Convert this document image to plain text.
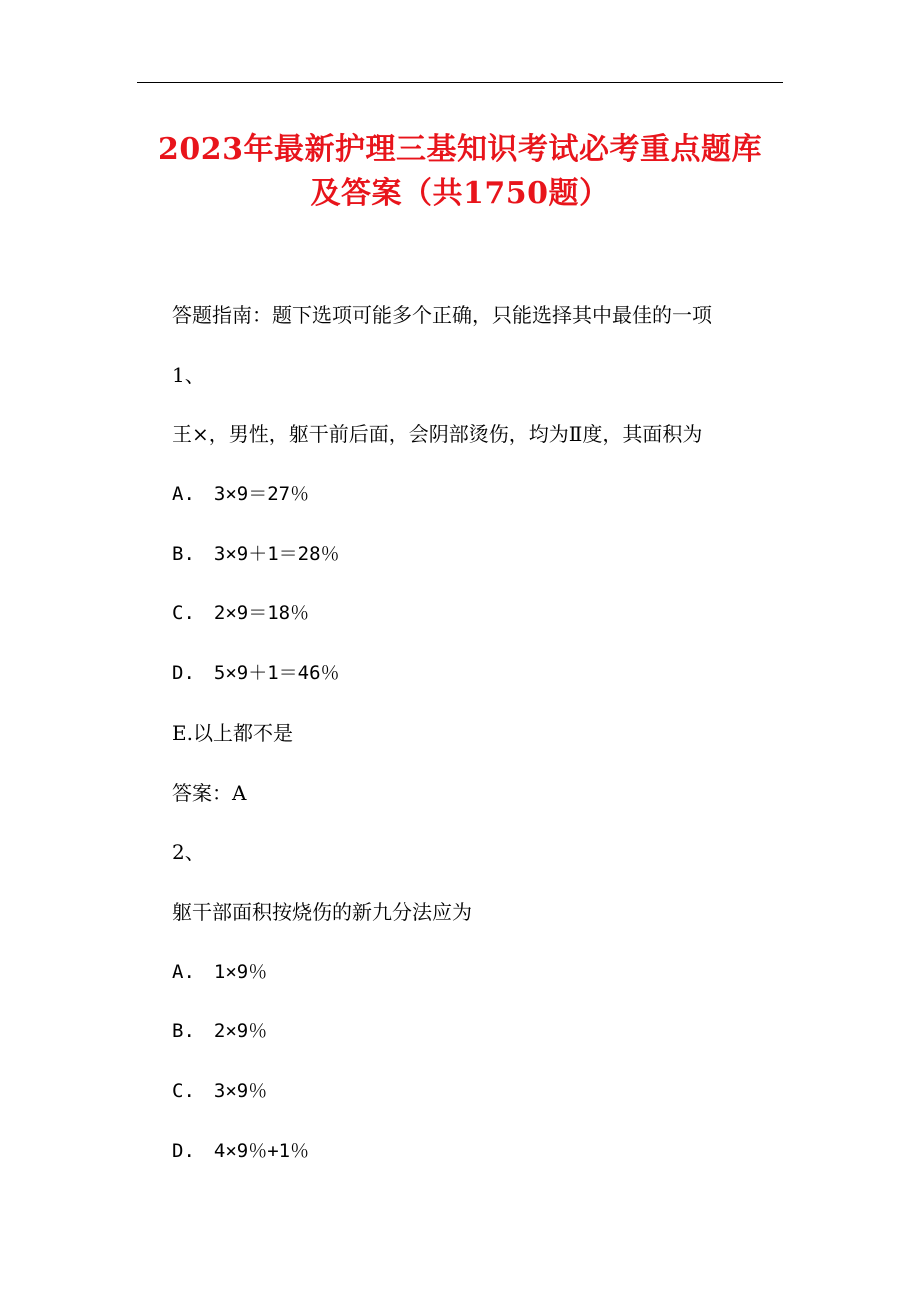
2023年最新护理三基知识考试必考重点题库
及答案（共1750题）
答题指南：题下选项可能多个正确，只能选择其中最佳的一项
1、
王×，男性，躯干前后面，会阴部烫伤，均为Ⅱ度，其面积为
A.　3×9＝27％
B.　3×9＋1＝28％
C.　2×9＝18％
D.　5×9＋1＝46％
E.以上都不是
答案：A
2、
躯干部面积按烧伤的新九分法应为
A.　1×9％
B.　2×9％
C.　3×9％
D.　4×9％+1％
